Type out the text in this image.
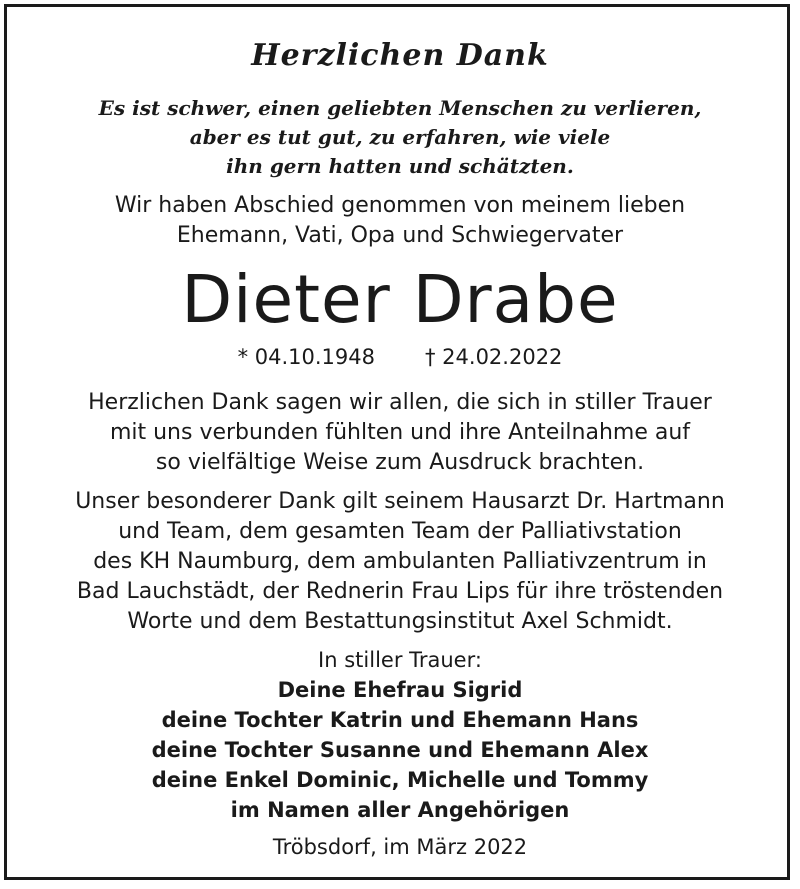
Herzlichen Dank
Es ist schwer, einen geliebten Menschen zu verlieren,
aber es tut gut, zu erfahren, wie viele
ihn gern hatten und schätzten.
Wir haben Abschied genommen von meinem lieben
Ehemann, Vati, Opa und Schwiegervater
Dieter Drabe
* 04.10.1948 † 24.02.2022
Herzlichen Dank sagen wir allen, die sich in stiller Trauer
mit uns verbunden fühlten und ihre Anteilnahme auf
so vielfältige Weise zum Ausdruck brachten.
Unser besonderer Dank gilt seinem Hausarzt Dr. Hartmann
und Team, dem gesamten Team der Palliativstation
des KH Naumburg, dem ambulanten Palliativzentrum in
Bad Lauchstädt, der Rednerin Frau Lips für ihre tröstenden
Worte und dem Bestattungsinstitut Axel Schmidt.
In stiller Trauer:
Deine Ehefrau Sigrid
deine Tochter Katrin und Ehemann Hans
deine Tochter Susanne und Ehemann Alex
deine Enkel Dominic, Michelle und Tommy
im Namen aller Angehörigen
Tröbsdorf, im März 2022
